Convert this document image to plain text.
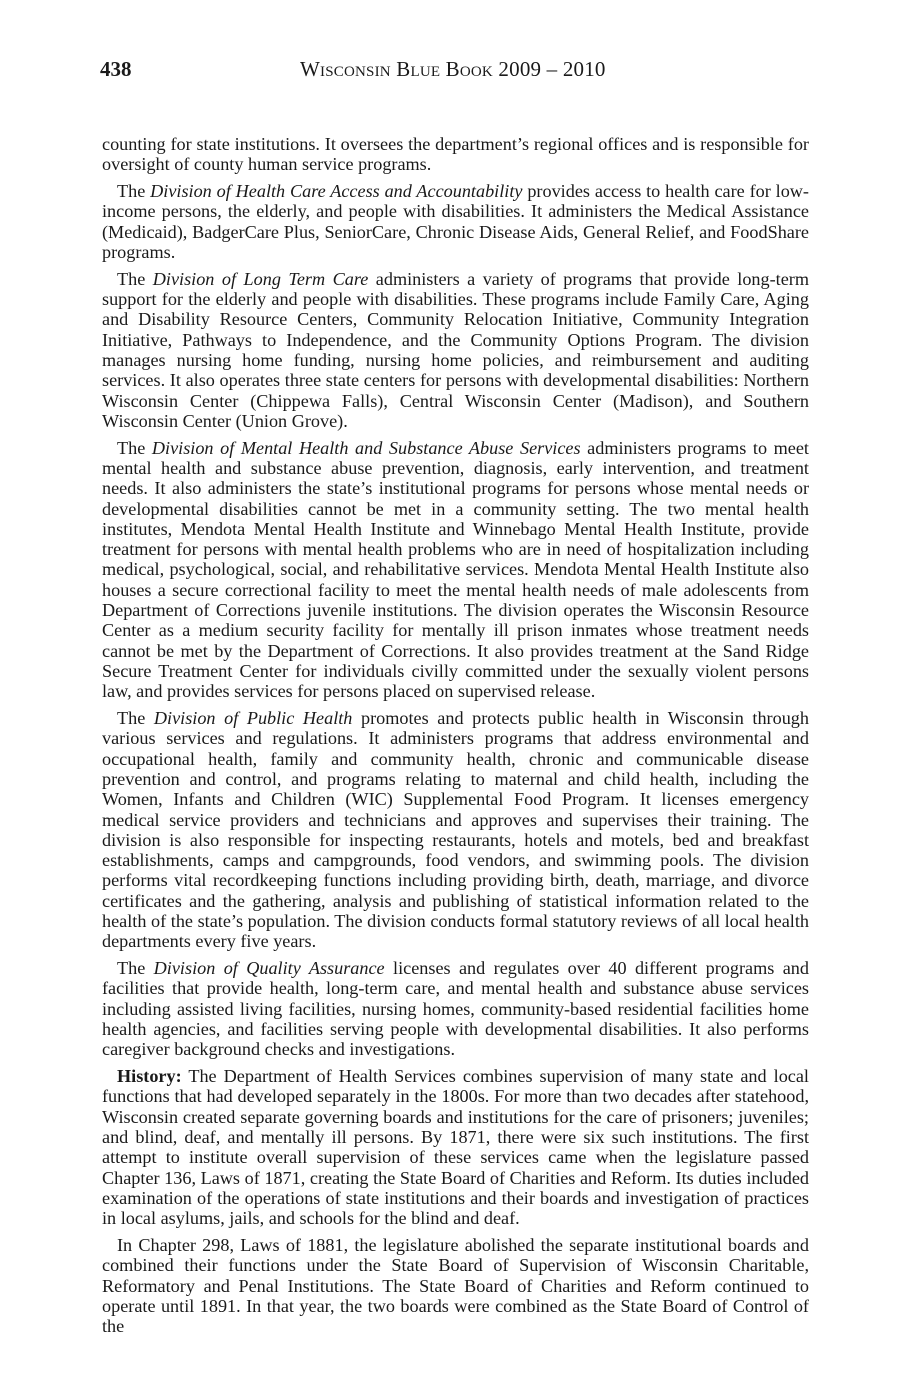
438	Wisconsin Blue Book 2009 – 2010

counting for state institutions. It oversees the department’s regional offices and is responsible for oversight of county human service programs.

The Division of Health Care Access and Accountability provides access to health care for low-income persons, the elderly, and people with disabilities. It administers the Medical Assistance (Medicaid), BadgerCare Plus, SeniorCare, Chronic Disease Aids, General Relief, and FoodShare programs.

The Division of Long Term Care administers a variety of programs that provide long-term support for the elderly and people with disabilities. These programs include Family Care, Aging and Disability Resource Centers, Community Relocation Initiative, Community Integration Initiative, Pathways to Independence, and the Community Options Program. The division manages nursing home funding, nursing home policies, and reimbursement and auditing services. It also operates three state centers for persons with developmental disabilities: Northern Wisconsin Center (Chippewa Falls), Central Wisconsin Center (Madison), and Southern Wisconsin Center (Union Grove).

The Division of Mental Health and Substance Abuse Services administers programs to meet mental health and substance abuse prevention, diagnosis, early intervention, and treatment needs. It also administers the state’s institutional programs for persons whose mental needs or developmental disabilities cannot be met in a community setting. The two mental health institutes, Mendota Mental Health Institute and Winnebago Mental Health Institute, provide treatment for persons with mental health problems who are in need of hospitalization including medical, psychological, social, and rehabilitative services. Mendota Mental Health Institute also houses a secure correctional facility to meet the mental health needs of male adolescents from Department of Corrections juvenile institutions. The division operates the Wisconsin Resource Center as a medium security facility for mentally ill prison inmates whose treatment needs cannot be met by the Department of Corrections. It also provides treatment at the Sand Ridge Secure Treatment Center for individuals civilly committed under the sexually violent persons law, and provides services for persons placed on supervised release.

The Division of Public Health promotes and protects public health in Wisconsin through various services and regulations. It administers programs that address environmental and occupational health, family and community health, chronic and communicable disease prevention and control, and programs relating to maternal and child health, including the Women, Infants and Children (WIC) Supplemental Food Program. It licenses emergency medical service providers and technicians and approves and supervises their training. The division is also responsible for inspecting restaurants, hotels and motels, bed and breakfast establishments, camps and campgrounds, food vendors, and swimming pools. The division performs vital recordkeeping functions including providing birth, death, marriage, and divorce certificates and the gathering, analysis and publishing of statistical information related to the health of the state’s population. The division conducts formal statutory reviews of all local health departments every five years.

The Division of Quality Assurance licenses and regulates over 40 different programs and facilities that provide health, long-term care, and mental health and substance abuse services including assisted living facilities, nursing homes, community-based residential facilities home health agencies, and facilities serving people with developmental disabilities. It also performs caregiver background checks and investigations.

History: The Department of Health Services combines supervision of many state and local functions that had developed separately in the 1800s. For more than two decades after statehood, Wisconsin created separate governing boards and institutions for the care of prisoners; juveniles; and blind, deaf, and mentally ill persons. By 1871, there were six such institutions. The first attempt to institute overall supervision of these services came when the legislature passed Chapter 136, Laws of 1871, creating the State Board of Charities and Reform. Its duties included examination of the operations of state institutions and their boards and investigation of practices in local asylums, jails, and schools for the blind and deaf.

In Chapter 298, Laws of 1881, the legislature abolished the separate institutional boards and combined their functions under the State Board of Supervision of Wisconsin Charitable, Reformatory and Penal Institutions. The State Board of Charities and Reform continued to operate until 1891. In that year, the two boards were combined as the State Board of Control of the
